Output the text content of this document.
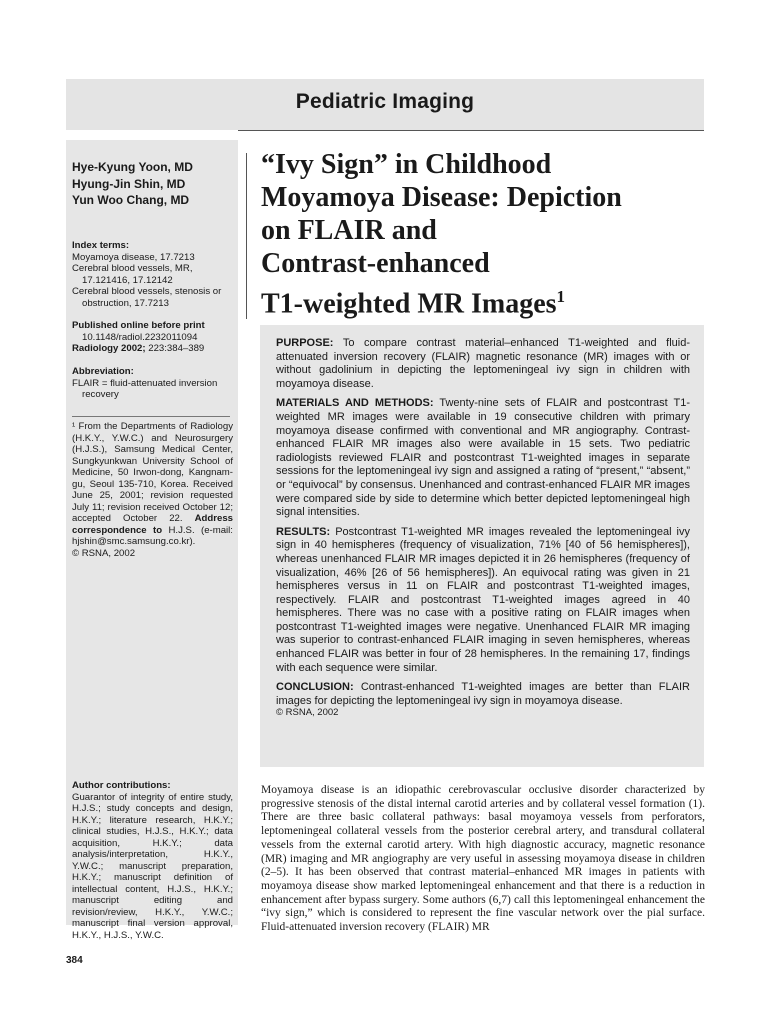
Pediatric Imaging
Hye-Kyung Yoon, MD
Hyung-Jin Shin, MD
Yun Woo Chang, MD
Index terms:
Moyamoya disease, 17.7213
Cerebral blood vessels, MR,
17.121416, 17.12142
Cerebral blood vessels, stenosis or
obstruction, 17.7213
Published online before print
10.1148/radiol.2232011094
Radiology 2002; 223:384–389
Abbreviation:
FLAIR = fluid-attenuated inversion
recovery
¹ From the Departments of Radiology (H.K.Y., Y.W.C.) and Neurosurgery (H.J.S.), Samsung Medical Center, Sungkyunkwan University School of Medicine, 50 Irwon-dong, Kangnam-gu, Seoul 135-710, Korea. Received June 25, 2001; revision requested July 11; revision received October 12; accepted October 22. Address correspondence to H.J.S. (e-mail: hjshin@smc.samsung.co.kr).
© RSNA, 2002
Author contributions:
Guarantor of integrity of entire study, H.J.S.; study concepts and design, H.K.Y.; literature research, H.K.Y.; clinical studies, H.J.S., H.K.Y.; data acquisition, H.K.Y.; data analysis/interpretation, H.K.Y., Y.W.C.; manuscript preparation, H.K.Y.; manuscript definition of intellectual content, H.J.S., H.K.Y.; manuscript editing and revision/review, H.K.Y., Y.W.C.; manuscript final version approval, H.K.Y., H.J.S., Y.W.C.
“Ivy Sign” in Childhood
Moyamoya Disease: Depiction
on FLAIR and
Contrast-enhanced
T1-weighted MR Images$^1$

PURPOSE: To compare contrast material–enhanced T1-weighted and fluid-attenuated inversion recovery (FLAIR) magnetic resonance (MR) images with or without gadolinium in depicting the leptomeningeal ivy sign in children with moyamoya disease.

MATERIALS AND METHODS: Twenty-nine sets of FLAIR and postcontrast T1-weighted MR images were available in 19 consecutive children with primary moyamoya disease confirmed with conventional and MR angiography. Contrast-enhanced FLAIR MR images also were available in 15 sets. Two pediatric radiologists reviewed FLAIR and postcontrast T1-weighted images in separate sessions for the leptomeningeal ivy sign and assigned a rating of “present,” “absent,” or “equivocal” by consensus. Unenhanced and contrast-enhanced FLAIR MR images were compared side by side to determine which better depicted leptomeningeal high signal intensities.

RESULTS: Postcontrast T1-weighted MR images revealed the leptomeningeal ivy sign in 40 hemispheres (frequency of visualization, 71% [40 of 56 hemispheres]), whereas unenhanced FLAIR MR images depicted it in 26 hemispheres (frequency of visualization, 46% [26 of 56 hemispheres]). An equivocal rating was given in 21 hemispheres versus in 11 on FLAIR and postcontrast T1-weighted images, respectively. FLAIR and postcontrast T1-weighted images agreed in 40 hemispheres. There was no case with a positive rating on FLAIR images when postcontrast T1-weighted images were negative. Unenhanced FLAIR MR imaging was superior to contrast-enhanced FLAIR imaging in seven hemispheres, whereas enhanced FLAIR was better in four of 28 hemispheres. In the remaining 17, findings with each sequence were similar.

CONCLUSION: Contrast-enhanced T1-weighted images are better than FLAIR images for depicting the leptomeningeal ivy sign in moyamoya disease.

© RSNA, 2002
Moyamoya disease is an idiopathic cerebrovascular occlusive disorder characterized by progressive stenosis of the distal internal carotid arteries and by collateral vessel formation (1). There are three basic collateral pathways: basal moyamoya vessels from perforators, leptomeningeal collateral vessels from the posterior cerebral artery, and transdural collateral vessels from the external carotid artery. With high diagnostic accuracy, magnetic resonance (MR) imaging and MR angiography are very useful in assessing moyamoya disease in children (2–5). It has been observed that contrast material–enhanced MR images in patients with moyamoya disease show marked leptomeningeal enhancement and that there is a reduction in enhancement after bypass surgery. Some authors (6,7) call this leptomeningeal enhancement the “ivy sign,” which is considered to represent the fine vascular network over the pial surface. Fluid-attenuated inversion recovery (FLAIR) MR
384
